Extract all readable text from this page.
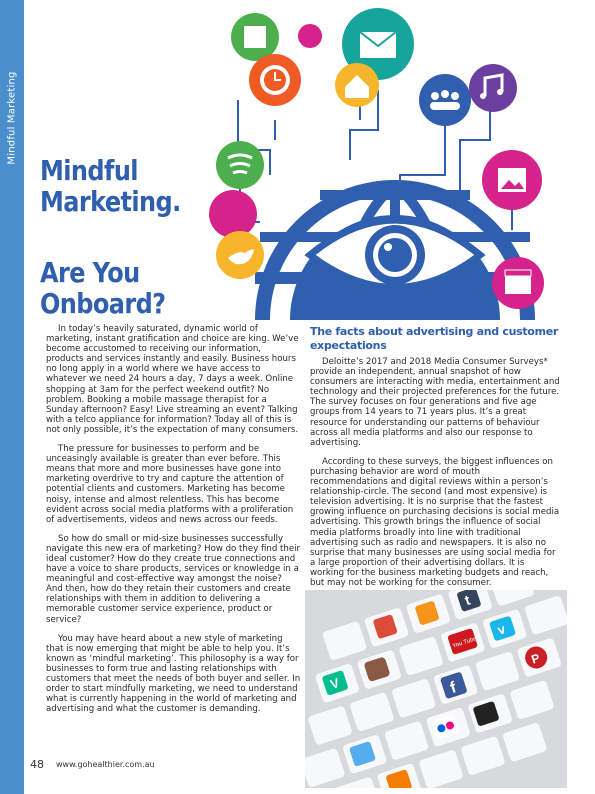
Mindful Marketing
Mindful
Marketing.
Are You
Onboard?

In today’s heavily saturated, dynamic world of marketing, instant gratification and choice are king. We’ve become accustomed to receiving our information, products and services instantly and easily. Business hours no long apply in a world where we have access to whatever we need 24 hours a day, 7 days a week. Online shopping at 3am for the perfect weekend outfit? No problem. Booking a mobile massage therapist for a Sunday afternoon? Easy! Live streaming an event? Talking with a telco appliance for information? Today all of this is not only possible, it’s the expectation of many consumers.

The pressure for businesses to perform and be unceasingly available is greater than ever before. This means that more and more businesses have gone into marketing overdrive to try and capture the attention of potential clients and customers. Marketing has become noisy, intense and almost relentless. This has become evident across social media platforms with a proliferation of advertisements, videos and news across our feeds.

So how do small or mid-size businesses successfully navigate this new era of marketing? How do they find their ideal customer? How do they create true connections and have a voice to share products, services or knowledge in a meaningful and cost-effective way amongst the noise? And then, how do they retain their customers and create relationships with them in addition to delivering a memorable customer service experience, product or service?

You may have heard about a new style of marketing that is now emerging that might be able to help you. It’s known as ‘mindful marketing’. This philosophy is a way for businesses to form true and lasting relationships with customers that meet the needs of both buyer and seller. In order to start mindfully marketing, we need to understand what is currently happening in the world of marketing and advertising and what the customer is demanding.

The facts about advertising and customer expectations

Deloitte’s 2017 and 2018 Media Consumer Surveys* provide an independent, annual snapshot of how consumers are interacting with media, entertainment and technology and their projected preferences for the future. The survey focuses on four generations and five age groups from 14 years to 71 years plus. It’s a great resource for understanding our patterns of behaviour across all media platforms and also our response to advertising.

According to these surveys, the biggest influences on purchasing behavior are word of mouth recommendations and digital reviews within a person’s relationship-circle. The second (and most expensive) is television advertising. It is no surprise that the fastest growing influence on purchasing decisions is social media advertising. This growth brings the influence of social media platforms broadly into line with traditional advertising such as radio and newspapers. It is also no surprise that many businesses are using social media for a large proportion of their advertising dollars. It is working for the business marketing budgets and reach, but may not be working for the consumer.

t
You Tube
v
V	f
P
48 www.gohealthier.com.au
